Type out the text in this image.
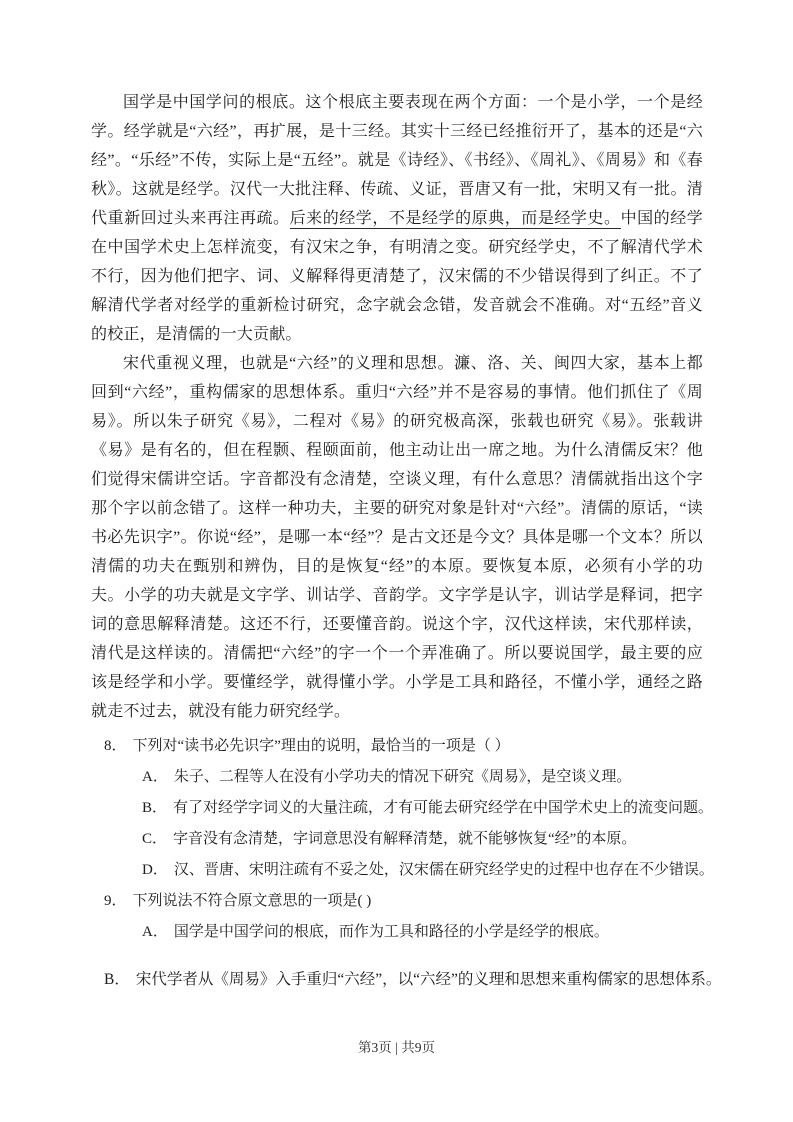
国学是中国学问的根底。这个根底主要表现在两个方面：一个是小学，一个是经学。经学就是“六经”，再扩展，是十三经。其实十三经已经推衍开了，基本的还是“六经”。“乐经”不传，实际上是“五经”。就是《诗经》、《书经》、《周礼》、《周易》和《春秋》。这就是经学。汉代一大批注释、传疏、义证，晋唐又有一批，宋明又有一批。清代重新回过头来再注再疏。后来的经学，不是经学的原典，而是经学史。中国的经学在中国学术史上怎样流变，有汉宋之争，有明清之变。研究经学史，不了解清代学术不行，因为他们把字、词、义解释得更清楚了，汉宋儒的不少错误得到了纠正。不了解清代学者对经学的重新检讨研究，念字就会念错，发音就会不准确。对“五经”音义的校正，是清儒的一大贡献。

宋代重视义理，也就是“六经”的义理和思想。濂、洛、关、闽四大家，基本上都回到“六经”，重构儒家的思想体系。重归“六经”并不是容易的事情。他们抓住了《周易》。所以朱子研究《易》，二程对《易》的研究极高深，张载也研究《易》。张载讲《易》是有名的，但在程颢、程颐面前，他主动让出一席之地。为什么清儒反宋？他们觉得宋儒讲空话。字音都没有念清楚，空谈义理，有什么意思？清儒就指出这个字那个字以前念错了。这样一种功夫，主要的研究对象是针对“六经”。清儒的原话，“读书必先识字”。你说“经”，是哪一本“经”？是古文还是今文？具体是哪一个文本？所以清儒的功夫在甄别和辨伪，目的是恢复“经”的本原。要恢复本原，必须有小学的功夫。小学的功夫就是文字学、训诂学、音韵学。文字学是认字，训诂学是释词，把字词的意思解释清楚。这还不行，还要懂音韵。说这个字，汉代这样读，宋代那样读，清代是这样读的。清儒把“六经”的字一个一个弄准确了。所以要说国学，最主要的应该是经学和小学。要懂经学，就得懂小学。小学是工具和路径，不懂小学，通经之路就走不过去，就没有能力研究经学。

8． 下列对“读书必先识字”理由的说明，最恰当的一项是（ ）

A． 朱子、二程等人在没有小学功夫的情况下研究《周易》，是空谈义理。

B． 有了对经学字词义的大量注疏，才有可能去研究经学在中国学术史上的流变问题。

C． 字音没有念清楚，字词意思没有解释清楚，就不能够恢复“经”的本原。

D． 汉、晋唐、宋明注疏有不妥之处，汉宋儒在研究经学史的过程中也存在不少错误。

9． 下列说法不符合原文意思的一项是( )

A． 国学是中国学问的根底，而作为工具和路径的小学是经学的根底。

B． 宋代学者从《周易》入手重归“六经”，以“六经”的义理和思想来重构儒家的思想体系。

第3页 | 共9页
